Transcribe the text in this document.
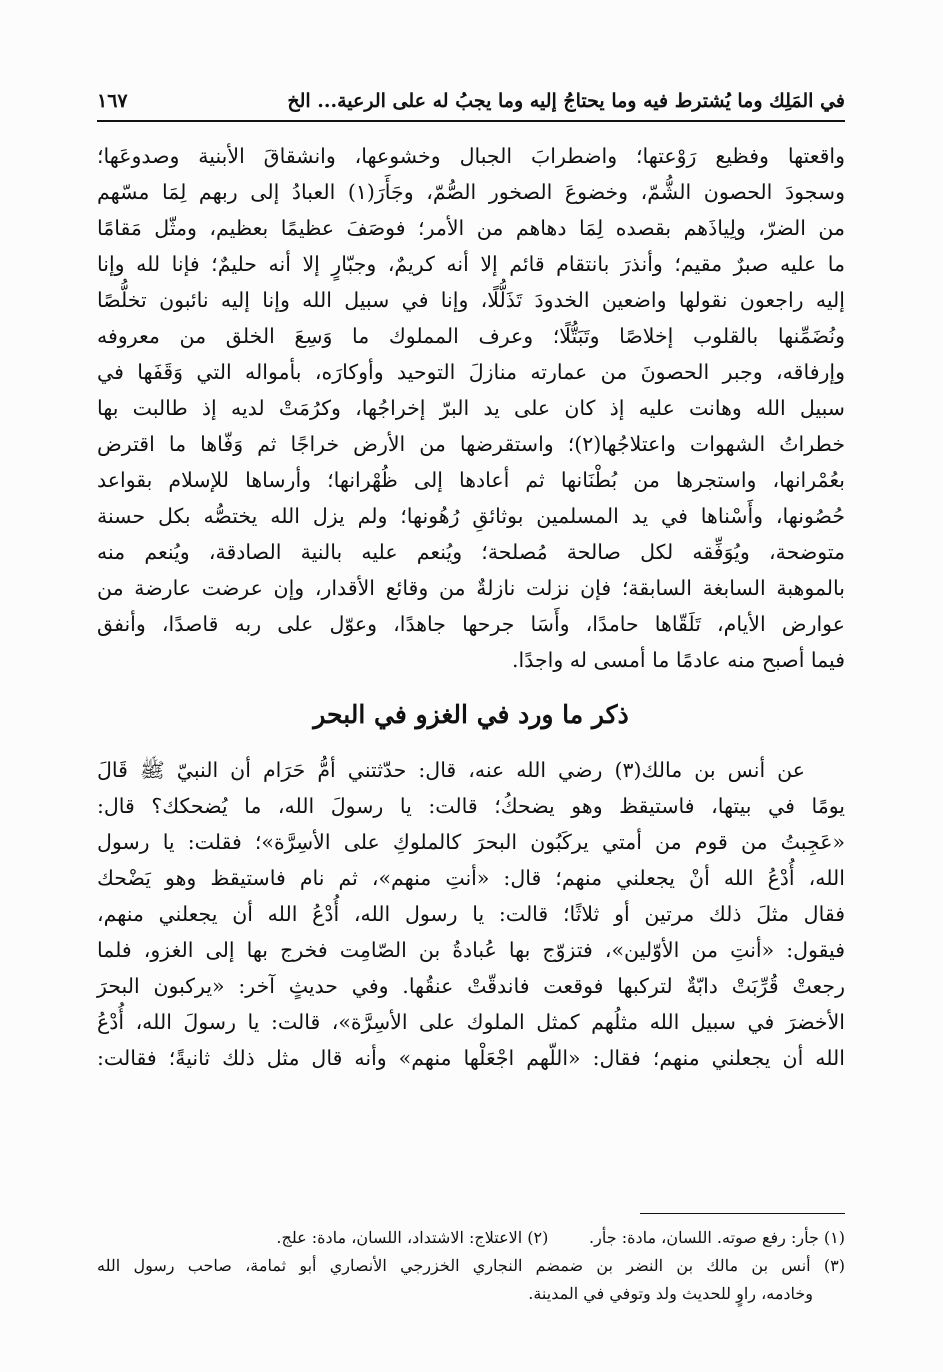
في المَلِك وما يُشترط فيه وما يحتاجُ إليه وما يجبُ له على الرعية... الخ
١٦٧
واقعتها وفظيع رَوْعتها؛ واضطرابَ الجبال وخشوعها، وانشقاقَ الأبنية وصدوعَها؛
وسجودَ الحصون الشُّمّ، وخضوعَ الصخور الصُّمّ، وجَأَرَ(١) العبادُ إلى ربهم لِمَا مسّهم
من الضرّ، ولِياذَهم بقصده لِمَا دهاهم من الأمر؛ فوصَفَ عظيمًا بعظيم، ومثّل مَقامًا
ما عليه صبرٌ مقيم؛ وأنذرَ بانتقام قائم إلا أنه كريمٌ، وجبّارٍ إلا أنه حليمٌ؛ فإنا لله وإنا
إليه راجعون نقولها واضعين الخدودَ تَذَلُّلًا، وإنا في سبيل الله وإنا إليه نائبون تخلُّصًا
ونُضَمِّنها بالقلوب إخلاصًا وتَبَتُّلًا؛ وعرف المملوك ما وَسِعَ الخلق من معروفه
وإرفاقه، وجبر الحصونَ من عمارته منازلَ التوحيد وأوكارَه، بأمواله التي وَقَفَها في
سبيل الله وهانت عليه إذ كان على يد البرّ إخراجُها، وكرُمَتْ لديه إذ طالبت بها
خطراتُ الشهوات واعتلاجُها(٢)؛ واستقرضها من الأرض خراجًا ثم وَفّاها ما اقترض
بعُمْرانها، واستجرها من بُطْنَانها ثم أعادها إلى ظُهْرانها؛ وأرساها للإسلام بقواعد
حُصُونها، وأَسْناها في يد المسلمين بوثائقِ رُهُونها؛ ولم يزل الله يختصُّه بكل حسنة
متوضحة، ويُوَفِّقه لكل صالحة مُصلحة؛ ويُنعم عليه بالنية الصادقة، ويُنعم منه
بالموهبة السابغة السابقة؛ فإن نزلت نازلةٌ من وقائع الأقدار، وإن عرضت عارضة من
عوارض الأيام، تَلَقّاها حامدًا، وأَسَا جرحها جاهدًا، وعوّل على ربه قاصدًا، وأنفق
فيما أصبح منه عادمًا ما أمسى له واجدًا.
ذكر ما ورد في الغزو في البحر
عن أنس بن مالك(٣) رضي الله عنه، قال: حدّثتني أمُّ حَرَام أن النبيّ ﷺ قَالَ
يومًا في بيتها، فاستيقظ وهو يضحكُ؛ قالت: يا رسولَ الله، ما يُضحكك؟ قال:
«عَجِبتُ من قوم من أمتي يركَبُون البحرَ كالملوكِ على الأسِرَّة»؛ فقلت: يا رسول
الله، أُدْعُ الله أنْ يجعلني منهم؛ قال: «أنتِ منهم»، ثم نام فاستيقظ وهو يَضْحك
فقال مثلَ ذلك مرتين أو ثلاثًا؛ قالت: يا رسول الله، أُدْعُ الله أن يجعلني منهم،
فيقول: «أنتِ من الأوّلين»، فتزوّج بها عُبادةُ بن الصّامِت فخرج بها إلى الغزو، فلما
رجعتْ قُرِّبَتْ دابّةٌ لتركبها فوقعت فاندقّتْ عنقُها. وفي حديثٍ آخر: «يركبون البحرَ
الأخضرَ في سبيل الله مثلُهم كمثل الملوك على الأسِرَّة»، قالت: يا رسولَ الله، أُدْعُ
الله أن يجعلني منهم؛ فقال: «اللّهم اجْعَلْها منهم» وأنه قال مثل ذلك ثانيةً؛ فقالت:
(١) جأر: رفع صوته. اللسان، مادة: جأر.        (٢) الاعتلاج: الاشتداد، اللسان، مادة: علج.
(٣) أنس بن مالك بن النضر بن ضمضم النجاري الخزرجي الأنصاري أبو ثمامة، صاحب رسول الله
وخادمه، راوٍ للحديث ولد وتوفي في المدينة.
